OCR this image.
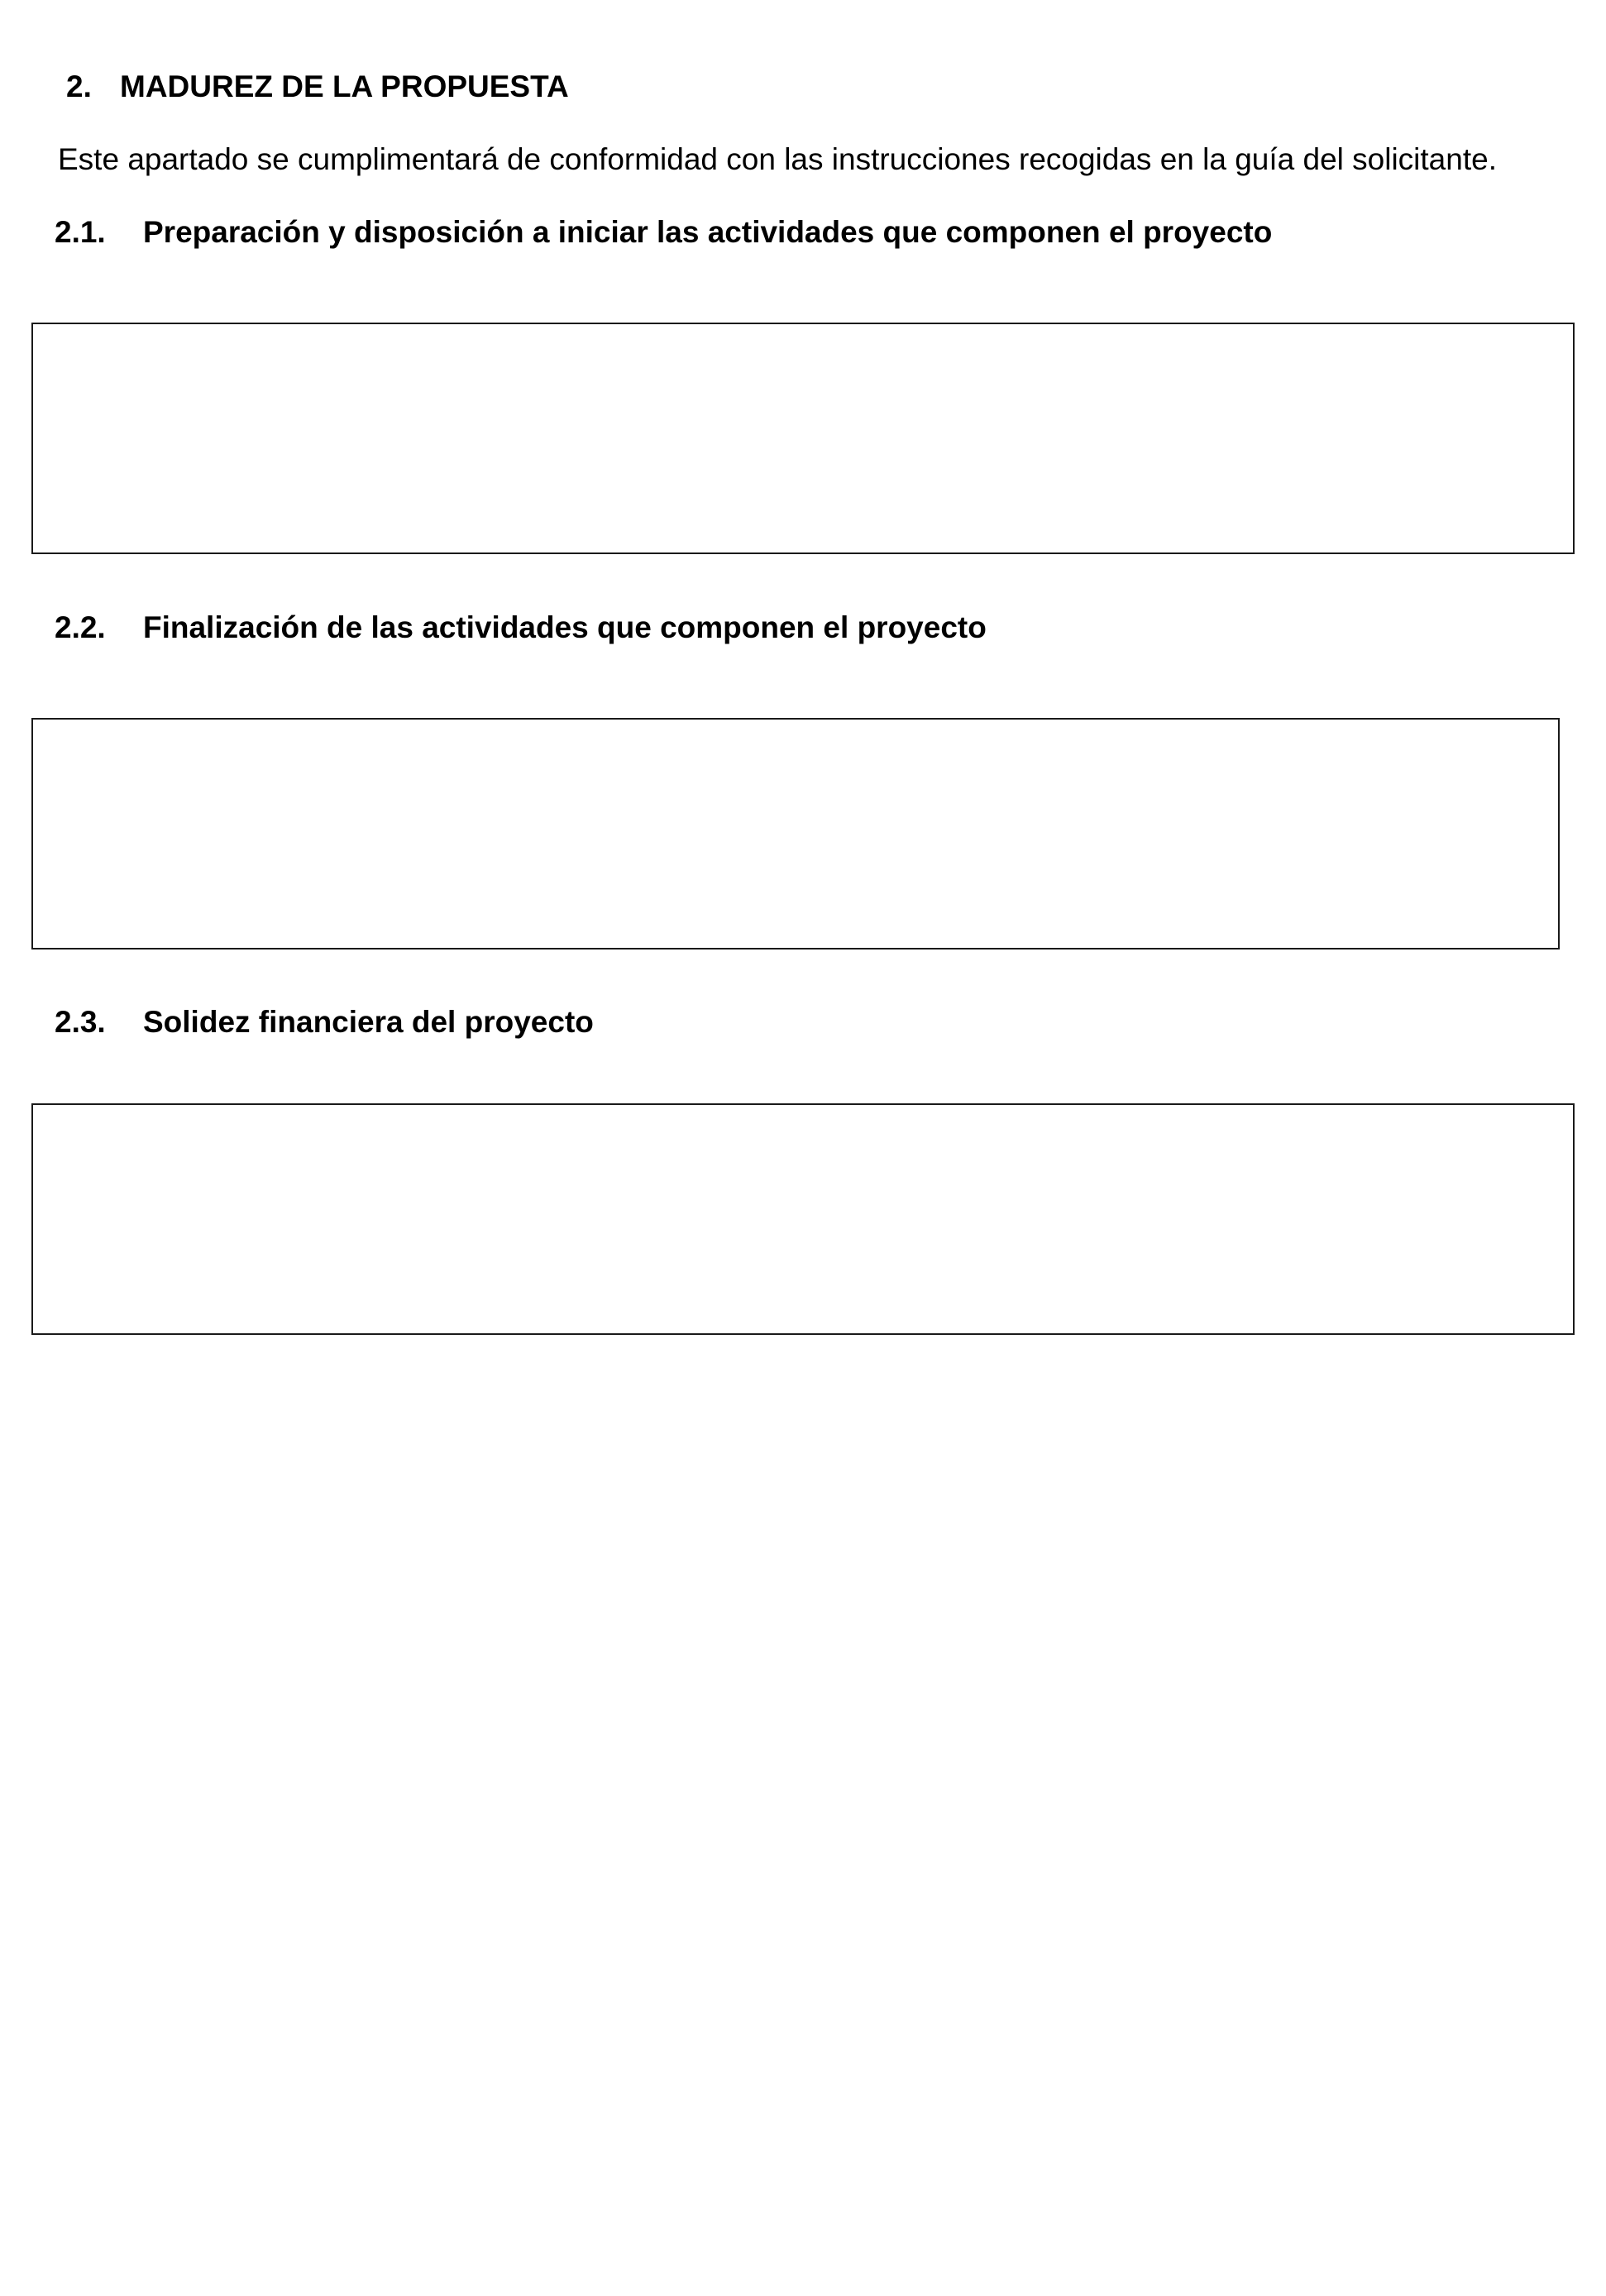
2. MADUREZ DE LA PROPUESTA

Este apartado se cumplimentará de conformidad con las instrucciones recogidas en la guía del solicitante.

2.1. Preparación y disposición a iniciar las actividades que componen el proyecto
2.2. Finalización de las actividades que componen el proyecto
2.3. Solidez financiera del proyecto
